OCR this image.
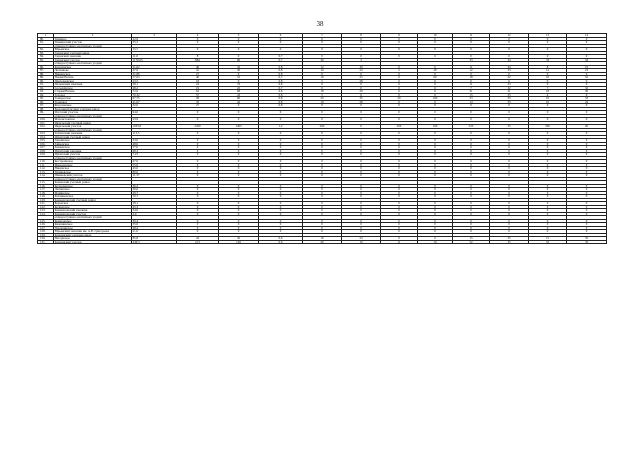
38
1	2	3	4	5	6	7	8	9	10	11	12	13	14
80.	Тимкино	22,9	0	0	0	0	0	0	0	0	0	0	0
81.	Тимкинский участок	35,3	0	0	0	0	0	0	0	0	0	0	0
	общедоступных охотничьих угодий												
82.	Юрьевское	15,7	0	0	0	0	0	0	0	0	0	0	0
83.	Гаринский учетный район												
84.	Гаринский заказник	11,0	8	0	0,7	0	0	0	0	0	0	0	0
85.	Гаринский участок	1170,05	884	96	0,7	30	3			33	34	33	34
	общедоступных охотничьих угодий												
86.	Каратинское	51,02	40	32	0,8	12	30	0	0	11	34	8	19
87.	Лесниково	47,9	41	36	0,8	10	24	2	28	12	33	12	23
88.	Никиерское	31,86	27	0	0,8	0	0	0	0	0	0	0	0
89.	Новый Вагиль	57,63	40	31	0,7	10	25	0	60	18	32	10	52
90.	Пантелеевское	23,5	18	0	0,8	5	28	0	0	0	0	0	0
91.	Пелымский заказник	38,1	24	33	0,8	0	0	0	0	11	33	0	0
92.	Сосьерёнское	28,2	19	22	0,7	0	0	0	0	7	32	7	32
93.	Старый Вагиль	72,6	62	68	0,8	18	29	0	0	21	31	18	30
94.	Тоходел	70,32	57	43	0,8	5	9	0	0	15	35	4	9
95.	Тонкрасское	67,75	58	66	0,8	20	35	20	100	23	35	19	33
96.	Троицкое	41,07	35	42	0,8	10	28	0	0	14	33	10	24
97.	Федотовское	32,0	27	0	0,8	0	0	0	0	0	0	0	0
98.	Екатеринбургский учетный район												
99.	Исетский участок	94,6	0	0	0	0	0	0	0	0	0	0	0
	общедоступных охотничьих угодий												
100.	Малоистокское	23,9	0	0	0	0	0	0	0	0	0	0	0
101.	Ивдельский учетный район												
102.	Ивдельский участок	1005,8	2450	1405	1,2	200	0	200	100	523	35	300	20
	общедоступных охотничьих угодий												
103.	Тохтинский заказник	113,5	0	0	0	0	0	0	0	0	0	0	0
104.	Ирбитский учетный район												
105.	Горкинское	33,0	0	0	0	0	0	0	0	0	0	0	0
106.	Зайковское	48,0	0	0	0	0	0	0	0	0	0	0	0
107.	Знаменское	57,0	0	0	0	0	0	0	0	0	0	0	0
108.	Ирбитский заказник	68,3	0	0	0	0	0	0	0	0	0	0	0
109.	Ирбитский участок	7,23	0	0	0	0	0	0	0	0	0	0	0
	общедоступных охотничьих угодий												
110.	Костроинское	47,0	0	0	0	0	0	0	0	0	0	0	0
111.	Мироновское	55,0	0	0	0	0	0	0	0	0	0	0	0
112.	Ницинское	45,0	0	0	0	0	0	0	0	0	0	0	0
113.	Худяковское	80,0	0	0	0	0	0	0	0	0	0	0	0
114.	Шмаковский участок	11,37	0	0	0	0	0	0	0	0	0	0	0
	общедоступных охотничьих угодий												
115.	Каменский учетный район												
116.	Колчеданское	36,2	0	0	0	0	0	0	0	0	0	0	0
117.	Любинское	36,0	0	0	0	0	0	0	0	0	0	0	0
118.	Маминское	29,7	0	0	0	0	0	0	0	0	0	0	0
119.	Рыбниковское	70,7	0	0	0	0	0	0	0	0	0	0	0
120.	Камышловский учетный район												
121.	Боровское	28,1	0	0	0	0	0	0	0	0	0	0	0
122.	Кочневское	45,3	0	0	0	0	0	0	0	0	0	0	0
123.	Камышловский заказник	34,6	0	0	0	0	0	0	0	0	0	0	0
124.	Камышловский участок	3,9	0	0	0	0	0	0	0	0	0	0	0
	общедоступных охотничьих угодий												
125.	Комаровское	30,4	0	0	0	0	0	0	0	0	0	0	0
126.	Квашнинское	35,0	0	0	0	0	0	0	0	0	0	0	0
127.	Порошинское	28,4	0	0	0	0	0	0	0	0	0	0	0
128.	Юрьевский заказник им. А.В. Григорьева	21,0	0	0	0	0	0	0	0	0	0	0	0
129.	Карпинский учетный район												
130.	Нагорнское	85,8	43	45	0,6	10	23	0	0	15	35	15	35
131.	Карпинский участок	340,3	213	149	0,6	40	19	11	19	52	35	52	35
